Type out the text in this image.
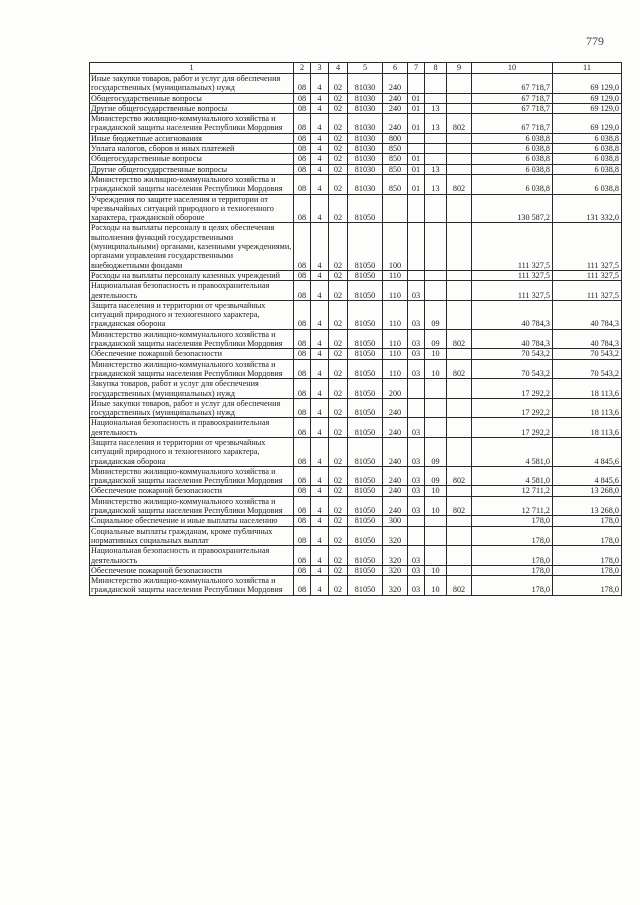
779
1	2	3	4	5	6	7	8	9	10	11
Иные закупки товаров, работ и услуг для обеспечения государственных (муниципальных) нужд	08	4	02	81030	240				67 718,7	69 129,0
Общегосударственные вопросы	08	4	02	81030	240	01			67 718,7	69 129,0
Другие общегосударственные вопросы	08	4	02	81030	240	01	13		67 718,7	69 129,0
Министерство жилищно-коммунального хозяйства и гражданской защиты населения Республики Мордовия	08	4	02	81030	240	01	13	802	67 718,7	69 129,0
Иные бюджетные ассигнования	08	4	02	81030	800				6 038,8	6 038,8
Уплата налогов, сборов и иных платежей	08	4	02	81030	850				6 038,8	6 038,8
Общегосударственные вопросы	08	4	02	81030	850	01			6 038,8	6 038,8
Другие общегосударственные вопросы	08	4	02	81030	850	01	13		6 038,8	6 038,8
Министерство жилищно-коммунального хозяйства и гражданской защиты населения Республики Мордовия	08	4	02	81030	850	01	13	802	6 038,8	6 038,8
Учреждения по защите населения и территории от чрезвычайных ситуаций природного и техногенного характера, гражданской обороне	08	4	02	81050					130 587,2	131 332,0
Расходы на выплаты персоналу в целях обеспечения выполнения функций государственными (муниципальными) органами, казенными учреждениями, органами управления государственными внебюджетными фондами	08	4	02	81050	100				111 327,5	111 327,5
Расходы на выплаты персоналу казенных учреждений	08	4	02	81050	110				111 327,5	111 327,5
Национальная безопасность и правоохранительная деятельность	08	4	02	81050	110	03			111 327,5	111 327,5
Защита населения и территории от чрезвычайных ситуаций природного и техногенного характера, гражданская оборона	08	4	02	81050	110	03	09		40 784,3	40 784,3
Министерство жилищно-коммунального хозяйства и гражданской защиты населения Республики Мордовия	08	4	02	81050	110	03	09	802	40 784,3	40 784,3
Обеспечение пожарной безопасности	08	4	02	81050	110	03	10		70 543,2	70 543,2
Министерство жилищно-коммунального хозяйства и гражданской защиты населения Республики Мордовия	08	4	02	81050	110	03	10	802	70 543,2	70 543,2
Закупка товаров, работ и услуг для обеспечения государственных (муниципальных) нужд	08	4	02	81050	200				17 292,2	18 113,6
Иные закупки товаров, работ и услуг для обеспечения государственных (муниципальных) нужд	08	4	02	81050	240				17 292,2	18 113,6
Национальная безопасность и правоохранительная деятельность	08	4	02	81050	240	03			17 292,2	18 113,6
Защита населения и территории от чрезвычайных ситуаций природного и техногенного характера, гражданская оборона	08	4	02	81050	240	03	09		4 581,0	4 845,6
Министерство жилищно-коммунального хозяйства и гражданской защиты населения Республики Мордовия	08	4	02	81050	240	03	09	802	4 581,0	4 845,6
Обеспечение пожарной безопасности	08	4	02	81050	240	03	10		12 711,2	13 268,0
Министерство жилищно-коммунального хозяйства и гражданской защиты населения Республики Мордовия	08	4	02	81050	240	03	10	802	12 711,2	13 268,0
Социальное обеспечение и иные выплаты населению	08	4	02	81050	300				178,0	178,0
Социальные выплаты гражданам, кроме публичных нормативных социальных выплат	08	4	02	81050	320				178,0	178,0
Национальная безопасность и правоохранительная деятельность	08	4	02	81050	320	03			178,0	178,0
Обеспечение пожарной безопасности	08	4	02	81050	320	03	10		178,0	178,0
Министерство жилищно-коммунального хозяйства и гражданской защиты населения Республики Мордовия	08	4	02	81050	320	03	10	802	178,0	178,0
